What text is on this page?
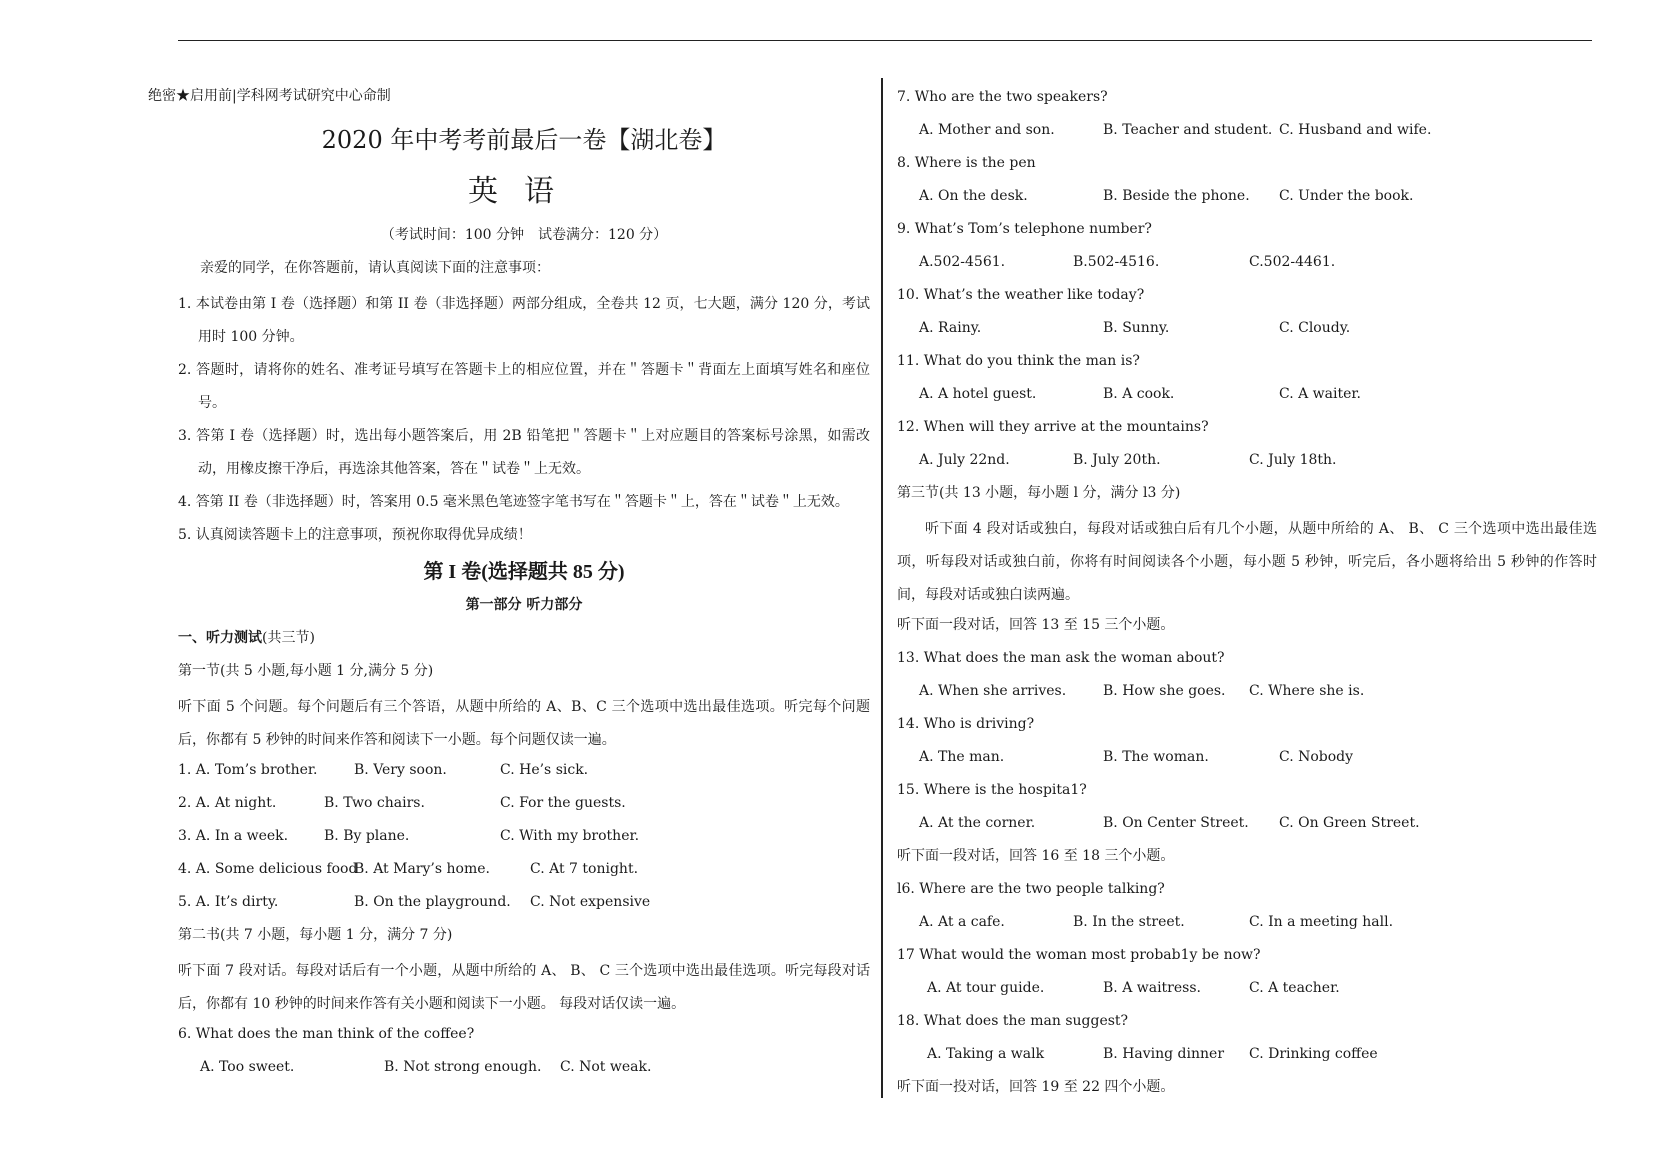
绝密★启用前|学科网考试研究中心命制
2020 年中考考前最后一卷【湖北卷】
英语
（考试时间：100 分钟　试卷满分：120 分）
亲爱的同学，在你答题前，请认真阅读下面的注意事项：
1. 本试卷由第 I 卷（选择题）和第 II 卷（非选择题）两部分组成，全卷共 12 页，七大题，满分 120 分，考试用时 100 分钟。
2. 答题时，请将你的姓名、准考证号填写在答题卡上的相应位置，并在＂答题卡＂背面左上面填写姓名和座位号。
3. 答第 I 卷（选择题）时，选出每小题答案后，用 2B 铅笔把＂答题卡＂上对应题目的答案标号涂黑，如需改动，用橡皮擦干净后，再选涂其他答案，答在＂试卷＂上无效。
4. 答第 II 卷（非选择题）时，答案用 0.5 毫米黑色笔迹签字笔书写在＂答题卡＂上，答在＂试卷＂上无效。
5. 认真阅读答题卡上的注意事项，预祝你取得优异成绩！
第 I 卷(选择题共 85 分)
第一部分 听力部分
一、听力测试(共三节)
第一节(共 5 小题,每小题 1 分,满分 5 分)
听下面 5 个问题。每个问题后有三个答语，从题中所给的 A、B、C 三个选项中选出最佳选项。听完每个问题后，你都有 5 秒钟的时间来作答和阅读下一小题。每个问题仅读一遍。
1. A. Tom’s brother.	B. Very soon.	C. He’s sick.
2. A. At night.	B. Two chairs.	C. For the guests.
3. A. In a week.	B. By plane.	C. With my brother.
4. A. Some delicious food
B. At Mary’s home.	C. At 7 tonight.
5. A. It’s dirty.	B. On the playground. C. Not expensive
第二书(共 7 小题，每小题 1 分，满分 7 分)
听下面 7 段对话。每段对话后有一个小题，从题中所给的 A、 B、 C 三个选项中选出最佳选项。听完每段对话后，你都有 10 秒钟的时间来作答有关小题和阅读下一小题。 每段对话仅读一遍。
6. What does the man think of the coffee?
A. Too sweet.	B. Not strong enough. C. Not weak.
7. Who are the two speakers?
A. Mother and son.	B. Teacher and student. C. Husband and wife.
8. Where is the pen
A. On the desk.	B. Beside the phone. C. Under the book.
9. What’s Tom’s telephone number?
A.502-4561.	B.502-4516.	C.502-4461.
10. What’s the weather like today?
A. Rainy.	B. Sunny.	C. Cloudy.
11. What do you think the man is?
A. A hotel guest.	B. A cook.	C. A waiter.
12. When will they arrive at the mountains?
A. July 22nd.	B. July 20th.	C. July 18th.
第三节(共 13 小题，每小题 l 分，满分 l3 分)
听下面 4 段对话或独白，每段对话或独白后有几个小题，从题中所给的 A、 B、 C 三个选项中选出最佳选项，听每段对话或独白前，你将有时间阅读各个小题，每小题 5 秒钟，听完后，各小题将给出 5 秒钟的作答时间，每段对话或独白读两遍。
听下面一段对话，回答 13 至 15 三个小题。
13. What does the man ask the woman about?
A. When she arrives.	B. How she goes. C. Where she is.
14. Who is driving?
A. The man.	B. The woman.	C. Nobody
15. Where is the hospita1?
A. At the corner.	B. On Center Street. C. On Green Street.
听下面一段对话，回答 16 至 18 三个小题。
l6. Where are the two people talking?
A. At a cafe.	B. In the street.	C. In a meeting hall.
17 What would the woman most probab1y be now?
A. At tour guide.	B. A waitress.	C. A teacher.
18. What does the man suggest?
A. Taking a walk	B. Having dinner C. Drinking coffee
听下面一投对话，回答 19 至 22 四个小题。
